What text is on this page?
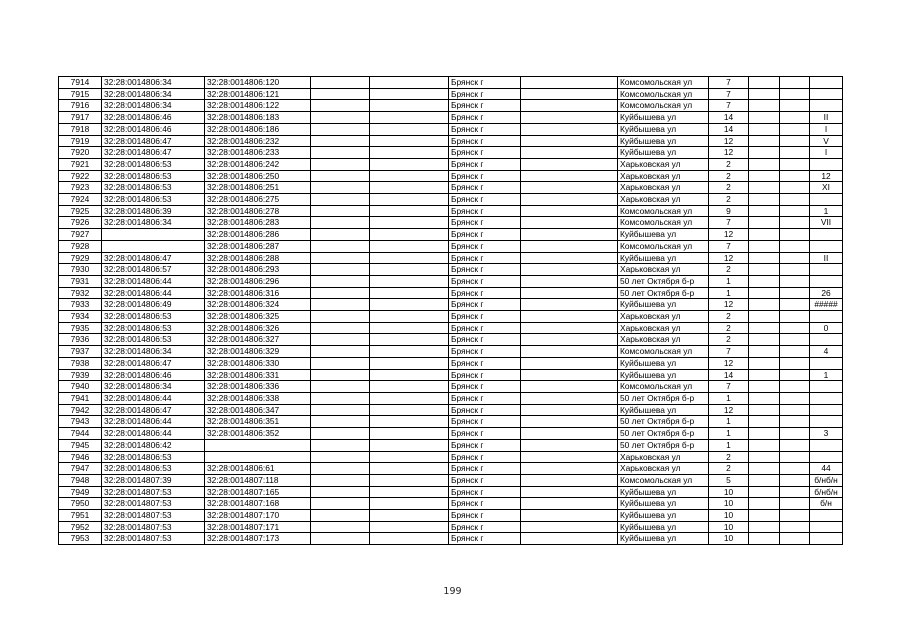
7914	32:28:0014806:34	32:28:0014806:120			Брянск г		Комсомольская ул	7			
7915	32:28:0014806:34	32:28:0014806:121			Брянск г		Комсомольская ул	7			
7916	32:28:0014806:34	32:28:0014806:122			Брянск г		Комсомольская ул	7			
7917	32:28:0014806:46	32:28:0014806:183			Брянск г		Куйбышева ул	14			II
7918	32:28:0014806:46	32:28:0014806:186			Брянск г		Куйбышева ул	14			I
7919	32:28:0014806:47	32:28:0014806:232			Брянск г		Куйбышева ул	12			V
7920	32:28:0014806:47	32:28:0014806:233			Брянск г		Куйбышева ул	12			I
7921	32:28:0014806:53	32:28:0014806:242			Брянск г		Харьковская ул	2			
7922	32:28:0014806:53	32:28:0014806:250			Брянск г		Харьковская ул	2			12
7923	32:28:0014806:53	32:28:0014806:251			Брянск г		Харьковская ул	2			XI
7924	32:28:0014806:53	32:28:0014806:275			Брянск г		Харьковская ул	2			
7925	32:28:0014806:39	32:28:0014806:278			Брянск г		Комсомольская ул	9			1
7926	32:28:0014806:34	32:28:0014806:283			Брянск г		Комсомольская ул	7			VII
7927		32:28:0014806:286			Брянск г		Куйбышева ул	12			
7928		32:28:0014806:287			Брянск г		Комсомольская ул	7			
7929	32:28:0014806:47	32:28:0014806:288			Брянск г		Куйбышева ул	12			II
7930	32:28:0014806:57	32:28:0014806:293			Брянск г		Харьковская ул	2			
7931	32:28:0014806:44	32:28:0014806:296			Брянск г		50 лет Октября б-р	1			
7932	32:28:0014806:44	32:28:0014806:316			Брянск г		50 лет Октября б-р	1			26
7933	32:28:0014806:49	32:28:0014806:324			Брянск г		Куйбышева ул	12			#####
7934	32:28:0014806:53	32:28:0014806:325			Брянск г		Харьковская ул	2			
7935	32:28:0014806:53	32:28:0014806:326			Брянск г		Харьковская ул	2			0
7936	32:28:0014806:53	32:28:0014806:327			Брянск г		Харьковская ул	2			
7937	32:28:0014806:34	32:28:0014806:329			Брянск г		Комсомольская ул	7			4
7938	32:28:0014806:47	32:28:0014806:330			Брянск г		Куйбышева ул	12			
7939	32:28:0014806:46	32:28:0014806:331			Брянск г		Куйбышева ул	14			1
7940	32:28:0014806:34	32:28:0014806:336			Брянск г		Комсомольская ул	7			
7941	32:28:0014806:44	32:28:0014806:338			Брянск г		50 лет Октября б-р	1			
7942	32:28:0014806:47	32:28:0014806:347			Брянск г		Куйбышева ул	12			
7943	32:28:0014806:44	32:28:0014806:351			Брянск г		50 лет Октября б-р	1			
7944	32:28:0014806:44	32:28:0014806:352			Брянск г		50 лет Октября б-р	1			3
7945	32:28:0014806:42				Брянск г		50 лет Октября б-р	1			
7946	32:28:0014806:53				Брянск г		Харьковская ул	2			
7947	32:28:0014806:53	32:28:0014806:61			Брянск г		Харьковская ул	2			44
7948	32:28:0014807:39	32:28:0014807:118			Брянск г		Комсомольская ул	5			б/нб/н
7949	32:28:0014807:53	32:28:0014807:165			Брянск г		Куйбышева ул	10			б/нб/н
7950	32:28:0014807:53	32:28:0014807:168			Брянск г		Куйбышева ул	10			б/н
7951	32:28:0014807:53	32:28:0014807:170			Брянск г		Куйбышева ул	10			
7952	32:28:0014807:53	32:28:0014807:171			Брянск г		Куйбышева ул	10			
7953	32:28:0014807:53	32:28:0014807:173			Брянск г		Куйбышева ул	10			
199
